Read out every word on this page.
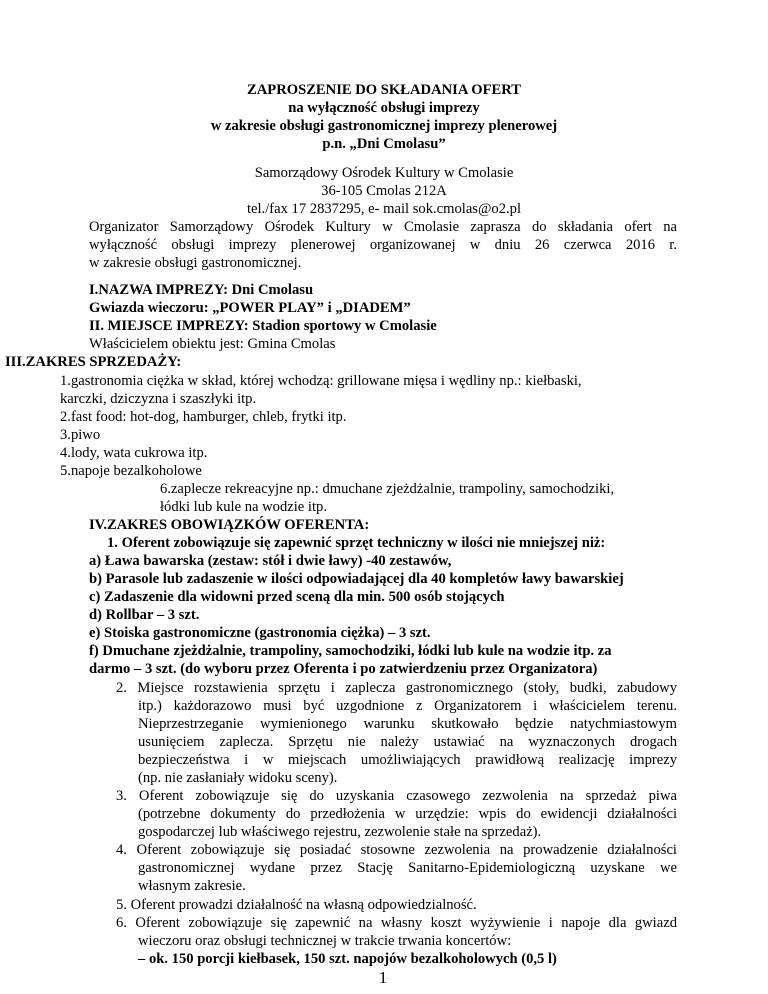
ZAPROSZENIE DO SKŁADANIA OFERT
na wyłączność obsługi imprezy
w zakresie obsługi gastronomicznej imprezy plenerowej
p.n. „Dni Cmolasu”
Samorządowy Ośrodek Kultury w Cmolasie
36-105 Cmolas 212A
tel./fax 17 2837295, e- mail sok.cmolas@o2.pl
Organizator Samorządowy Ośrodek Kultury w Cmolasie zaprasza do składania ofert na
wyłączność obsługi imprezy plenerowej organizowanej w dniu 26 czerwca 2016 r.
w zakresie obsługi gastronomicznej.
I.NAZWA IMPREZY: Dni Cmolasu
Gwiazda wieczoru: „POWER PLAY” i „DIADEM”
II. MIEJSCE IMPREZY: Stadion sportowy w Cmolasie
Właścicielem obiektu jest: Gmina Cmolas
III.ZAKRES SPRZEDAŻY:
1.gastronomia ciężka w skład, której wchodzą: grillowane mięsa i wędliny np.: kiełbaski,
karczki, dziczyzna i szaszłyki itp.
2.fast food: hot-dog, hamburger, chleb, frytki itp.
3.piwo
4.lody, wata cukrowa itp.
5.napoje bezalkoholowe
6.zaplecze rekreacyjne np.: dmuchane zjeżdżalnie, trampoliny, samochodziki,
łódki lub kule na wodzie itp.
IV.ZAKRES OBOWIĄZKÓW OFERENTA:
1. Oferent zobowiązuje się zapewnić sprzęt techniczny w ilości nie mniejszej niż:
a) Ława bawarska (zestaw: stół i dwie ławy) -40 zestawów,
b) Parasole lub zadaszenie w ilości odpowiadającej dla 40 kompletów ławy bawarskiej
c) Zadaszenie dla widowni przed sceną dla min. 500 osób stojących
d) Rollbar – 3 szt.
e) Stoiska gastronomiczne (gastronomia ciężka) – 3 szt.
f) Dmuchane zjeżdżalnie, trampoliny, samochodziki, łódki lub kule na wodzie itp. za
darmo – 3 szt. (do wyboru przez Oferenta i po zatwierdzeniu przez Organizatora)
2. Miejsce rozstawienia sprzętu i zaplecza gastronomicznego (stoły, budki, zabudowy
itp.) każdorazowo musi być uzgodnione z Organizatorem i właścicielem terenu.
Nieprzestrzeganie wymienionego warunku skutkowało będzie natychmiastowym
usunięciem zaplecza. Sprzętu nie należy ustawiać na wyznaczonych drogach
bezpieczeństwa i w miejscach umożliwiających prawidłową realizację imprezy
(np. nie zasłaniały widoku sceny).
3. Oferent zobowiązuje się do uzyskania czasowego zezwolenia na sprzedaż piwa
(potrzebne dokumenty do przedłożenia w urzędzie: wpis do ewidencji działalności
gospodarczej lub właściwego rejestru, zezwolenie stałe na sprzedaż).
4. Oferent zobowiązuje się posiadać stosowne zezwolenia na prowadzenie działalności
gastronomicznej wydane przez Stację Sanitarno-Epidemiologiczną uzyskane we
własnym zakresie.
5. Oferent prowadzi działalność na własną odpowiedzialność.
6. Oferent zobowiązuje się zapewnić na własny koszt wyżywienie i napoje dla gwiazd
wieczoru oraz obsługi technicznej w trakcie trwania koncertów:
– ok. 150 porcji kiełbasek, 150 szt. napojów bezalkoholowych (0,5 l)
1
